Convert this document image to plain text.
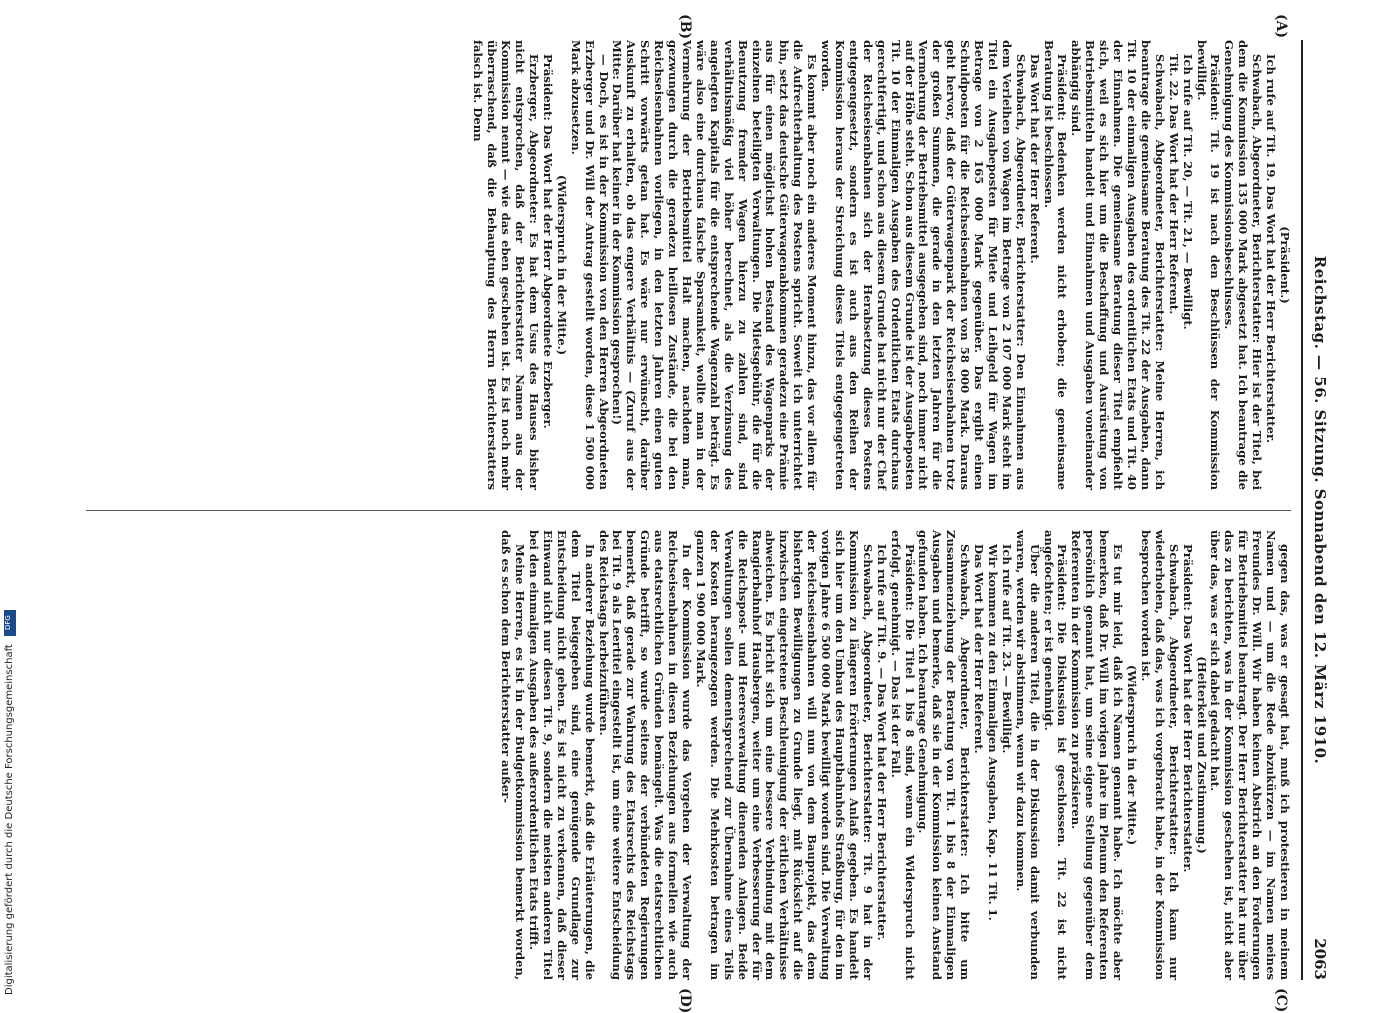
DFG
Digitalisierung gefördert durch die Deutsche Forschungsgemeinschaft
Reichstag. — 56. Sitzung. Sonnabend den 12. März 1910.
2063
(A)
(B)
(C)
(D)

(Präsident.)

Ich rufe auf Tit. 19. Das Wort hat der Herr Berichterstatter.

Schwabach, Abgeordneter, Berichterstatter: Hier ist der Titel, bei dem die Kommission 135 000 Mark abgesetzt hat. Ich beantrage die Genehmigung des Kommissionsbeschlusses.

Präsident: Tit. 19 ist nach den Beschlüssen der Kommission bewilligt.

Ich rufe auf Tit. 20, — Tit. 21, — Bewilligt.

Tit. 22. Das Wort hat der Herr Referent.

Schwabach, Abgeordneter, Berichterstatter: Meine Herren, ich beantrage die gemeinsame Beratung des Tit. 22 der Ausgaben, dann Tit. 10 der einmaligen Ausgaben des ordentlichen Etats und Tit. 40 der Einnahmen. Die gemeinsame Beratung dieser Titel empfiehlt sich, weil es sich hier um die Beschaffung und Ausrüstung von Betriebsmitteln handelt und Einnahmen und Ausgaben voneinander abhängig sind.

Präsident: Bedenken werden nicht erhoben; die gemeinsame Beratung ist beschlossen.

Das Wort hat der Herr Referent.

Schwabach, Abgeordneter, Berichterstatter: Den Einnahmen aus dem Verleihen von Wagen im Betrage von 2 107 000 Mark steht im Titel ein Ausgabeposten für Miete und Leihgeld für Wagen im Betrage von 2 165 000 Mark gegenüber. Das ergibt einen Schuldposten für die Reichseisenbahnen von 58 000 Mark. Daraus geht hervor, daß der Güterwagenpark der Reichseisenbahnen trotz der großen Summen, die gerade in den letzten Jahren für die Vermehrung der Betriebsmittel ausgegeben sind, noch immer nicht auf der Höhe steht. Schon aus diesem Grunde ist der Ausgabeposten Tit. 10 der Einmaligen Ausgaben des Ordentlichen Etats durchaus gerechtfertigt, und schon aus diesem Grunde hat nicht nur der Chef der Reichseisenbahnen sich der Herabsetzung dieses Postens entgegengesetzt, sondern es ist auch aus den Reihen der Kommission heraus der Streichung dieses Titels entgegengetreten worden.

Es kommt aber noch ein anderes Moment hinzu, das vor allem für die Aufrechterhaltung des Postens spricht. Soweit ich unterrichtet bin, setzt das deutsche Güterwagenabkommen geradezu eine Prämie aus für einen möglichst hohen Bestand des Wagenparks der einzelnen beteiligten Verwaltungen. Die Mietsgebühr, die für die Benutzung fremder Wagen hierzu zu zahlen sind, sind verhältnismäßig viel höher berechnet, als die Verzinsung des angelegten Kapitals für die entsprechende Wagenzahl beträgt. Es wäre also eine durchaus falsche Sparsamkeit, wollte man in der Vermehrung der Betriebsmittel Halt machen, nachdem man, gezwungen durch die geradezu heillosen Zustände, die bei den Reichseisenbahnen vorliegen, in den letzten Jahren einen guten Schritt vorwärts getan hat. Es wäre nur erwünscht, darüber Auskunft zu erhalten, ob das engere Verhältnis — (Zuruf aus der Mitte: Darüber hat keiner in der Kommission gesprochen!)

— Doch, es ist in der Kommission von den Herren Abgeordneten Erzberger und Dr. Will der Antrag gestellt worden, diese 1 500 000 Mark abzusetzen.

(Widerspruch in der Mitte.)

Präsident: Das Wort hat der Herr Abgeordnete Erzberger.

Erzberger, Abgeordneter: Es hat dem Usus des Hauses bisher nicht entsprochen, daß der Berichterstatter Namen aus der Kommission nennt — wie das eben geschehen ist. Es ist noch mehr überraschend, daß die Behauptung des Herrn Berichterstatters falsch ist. Denn

gegen das, was er gesagt hat, muß ich protestieren in meinem Namen und — um die Rede abzukürzen — im Namen meines Freundes Dr. Will. Wir haben keinen Abstrich an den Forderungen für Betriebsmittel beantragt. Der Herr Berichterstatter hat nur über das zu berichten, was in der Kommission geschehen ist, nicht aber über das, was er sich dabei gedacht hat.

(Heiterkeit und Zustimmung.)

Präsident: Das Wort hat der Herr Berichterstatter.

Schwabach, Abgeordneter, Berichterstatter: Ich kann nur wiederholen, daß das, was ich vorgebracht habe, in der Kommission besprochen worden ist.

(Widerspruch in der Mitte.)

Es tut mir leid, daß ich Namen genannt habe. Ich möchte aber bemerken, daß Dr. Will im vorigen Jahre im Plenum den Referenten persönlich genannt hat, um seine eigene Stellung gegenüber dem Referenten in der Kommission zu präzisieren.

Präsident: Die Diskussion ist geschlossen. Tit. 22 ist nicht angefochten; er ist genehmigt.

Über die anderen Titel, die in der Diskussion damit verbunden waren, werden wir abstimmen, wenn wir dazu kommen.

Ich rufe auf Tit. 23. — Bewilligt.

Wir kommen zu den Einmaligen Ausgaben, Kap. 11 Tit. 1.

Das Wort hat der Herr Referent.

Schwabach, Abgeordneter, Berichterstatter: Ich bitte um Zusammenziehung der Beratung von Tit. 1 bis 8 der Einmaligen Ausgaben und bemerke, daß sie in der Kommission keinen Anstand gefunden haben. Ich beantrage Genehmigung.

Präsident: Die Titel 1 bis 8 sind, wenn ein Widerspruch nicht erfolgt, genehmigt. — Das ist der Fall.

Ich rufe auf Tit. 9. — Das Wort hat der Herr Berichterstatter.

Schwabach, Abgeordneter, Berichterstatter: Tit. 9 hat in der Kommission zu längeren Erörterungen Anlaß gegeben. Es handelt sich hier um den Umbau des Hauptbahnhofs Straßburg, für den im vorigen Jahre 6 500 000 Mark bewilligt worden sind. Die Verwaltung der Reichseisenbahnen will nun von dem Bauprojekt, das dem bisherigen Bewilligungen zu Grunde liegt, mit Rücksicht auf die inzwischen eingetretene Beschleunigung der örtlichen Verhältnisse abweichen. Es bricht sich um eine bessere Verbindung mit dem Rangierbahnhof Hausbergen, weiter um eine Verbesserung der für die Reichspost- und Heeresverwaltung dienenden Anlagen. Beide Verwaltungen sollen dementsprechend zur Übernahme eines Teils der Kosten herangezogen werden. Die Mehrkosten betragen im ganzen 1 900 000 Mark.

In der Kommission wurde das Vorgehen der Verwaltung der Reichseisenbahnen in diesen Beziehungen aus formellen wie auch aus etatsrechtlichen Gründen bemängelt. Was die etatsrechtlichen Gründe betrifft, so wurde seitens der verbündeten Regierungen bemerkt, daß gerade zur Wahrung des Etatsrechts des Reichstags bei Tit. 9 als Leertitel eingestellt ist, um eine weitere Entscheidung des Reichstags herbeizuführen.

In anderer Beziehung wurde bemerkt, daß die Erläuterungen, die dem Titel beigegeben sind, eine genügende Grundlage zur Entscheidung nicht geben. Es ist nicht zu verkennen, daß dieser Einwand nicht nur diesen Tit. 9, sondern die meisten anderen Titel bei den einmaligen Ausgaben des außerordentlichen Etats trifft.

Meine Herren, es ist in der Budgetkommission bemerkt worden, daß es schon dem Berichterstatter außer-
